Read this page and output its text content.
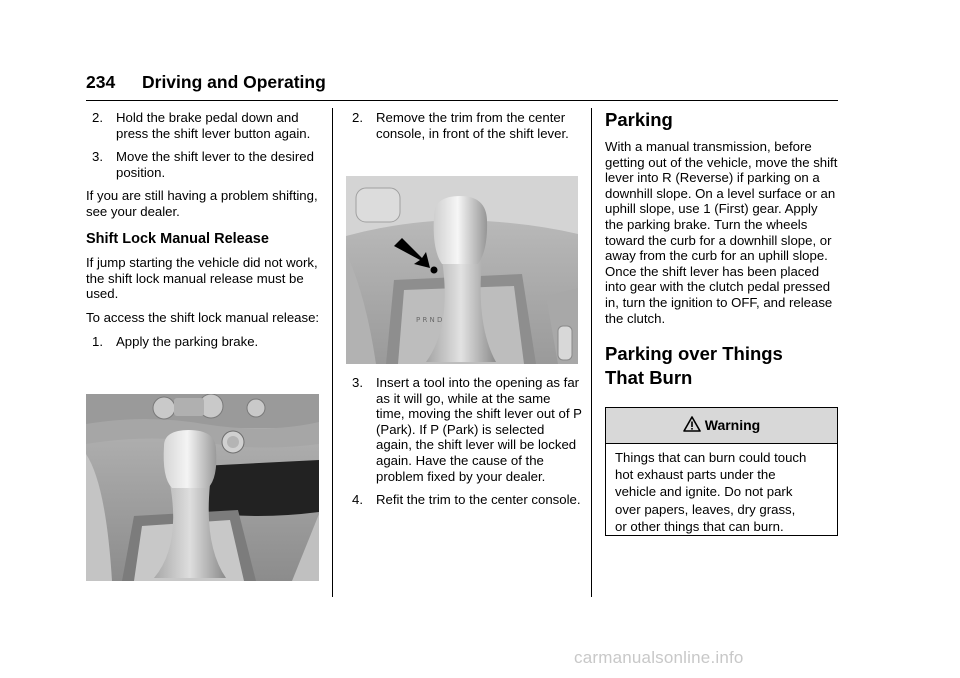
234 Driving and Operating
2. Hold the brake pedal down and press the shift lever button again.
3. Move the shift lever to the desired position.

If you are still having a problem shifting, see your dealer.

Shift Lock Manual Release

If jump starting the vehicle did not work, the shift lock manual release must be used.

To access the shift lock manual release:

1. Apply the parking brake.
2. Remove the trim from the center console, in front of the shift lever.
P R N D
3. Insert a tool into the opening as far as it will go, while at the same time, moving the shift lever out of P (Park). If P (Park) is selected again, the shift lever will be locked again. Have the cause of the problem fixed by your dealer.
4. Refit the trim to the center console.
Parking

With a manual transmission, before getting out of the vehicle, move the shift lever into R (Reverse) if parking on a downhill slope. On a level surface or an uphill slope, use 1 (First) gear. Apply the parking brake. Turn the wheels toward the curb for a downhill slope, or away from the curb for an uphill slope. Once the shift lever has been placed into gear with the clutch pedal pressed in, turn the ignition to OFF, and release the clutch.

Parking over Things
That Burn
Warning
Things that can burn could touch
hot exhaust parts under the
vehicle and ignite. Do not park
over papers, leaves, dry grass,
or other things that can burn.
carmanualsonline.info
